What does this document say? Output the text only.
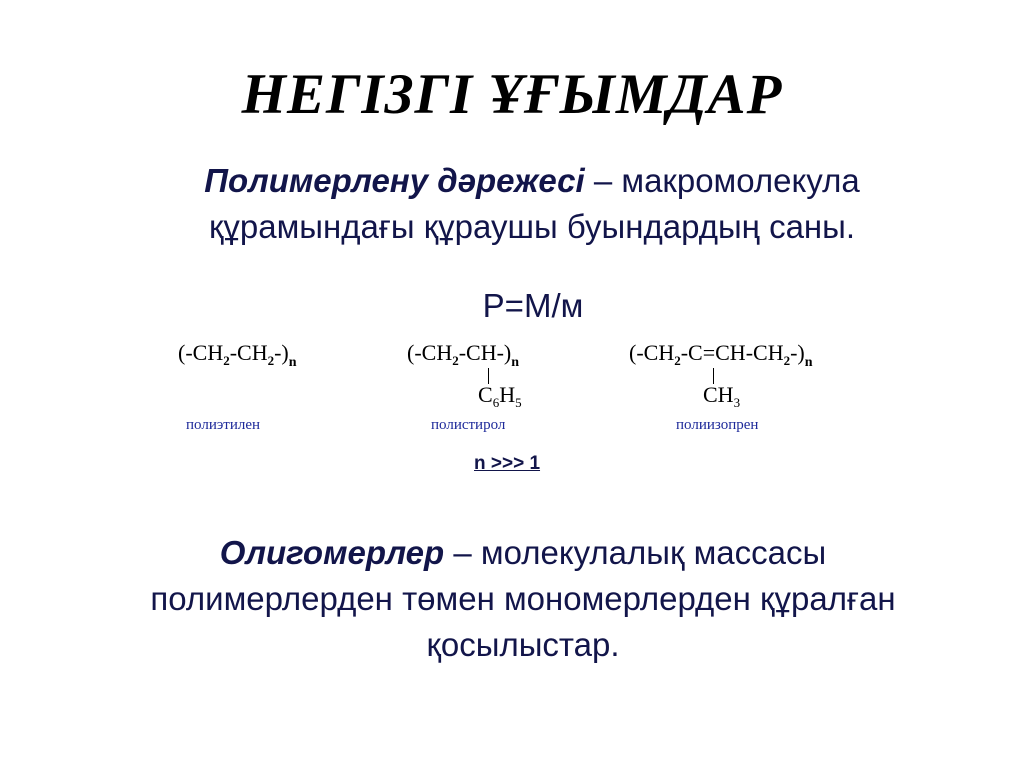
НЕГІЗГІ ҰҒЫМДАР
Полимерлену дәрежесі – макромолекула
құрамындағы құраушы буындардың саны.
Р=М/м
$(-CH_2-CH_2-)_n$
полиэтилен
$(-CH_2-CH-)_n$
$C_6H_5$
полистирол
$(-CH_2-C=CH-CH_2-)_n$
$CH_3$
полиизопрен
n >>> 1
Олигомерлер – молекулалық массасы
полимерлерден төмен мономерлерден құралған
қосылыстар.
